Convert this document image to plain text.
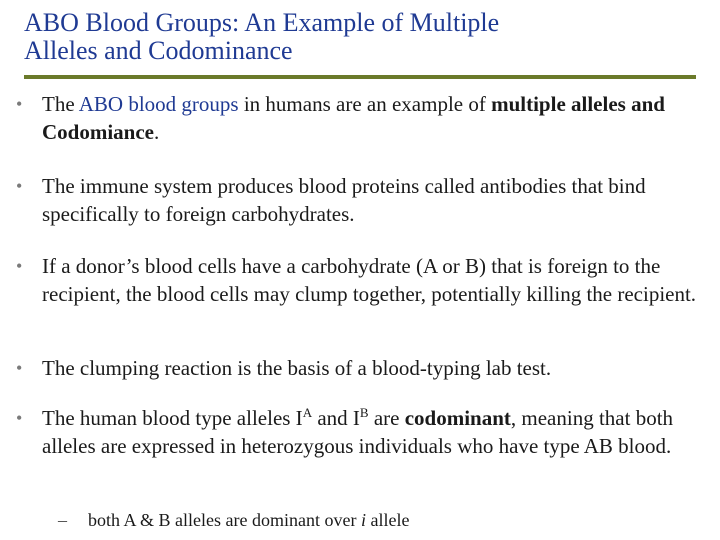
ABO Blood Groups: An Example of Multiple
Alleles and Codominance
• The ABO blood groups in humans are an example of multiple alleles and Codomiance.
• The immune system produces blood proteins called antibodies that bind specifically to foreign carbohydrates.
• If a donor’s blood cells have a carbohydrate (A or B) that is foreign to the recipient, the blood cells may clump together, potentially killing the recipient.
• The clumping reaction is the basis of a blood-typing lab test.
• The human blood type alleles $I^A$ and $I^B$ are codominant, meaning that both alleles are expressed in heterozygous individuals who have type AB blood.
– both A & B alleles are dominant over i allele
